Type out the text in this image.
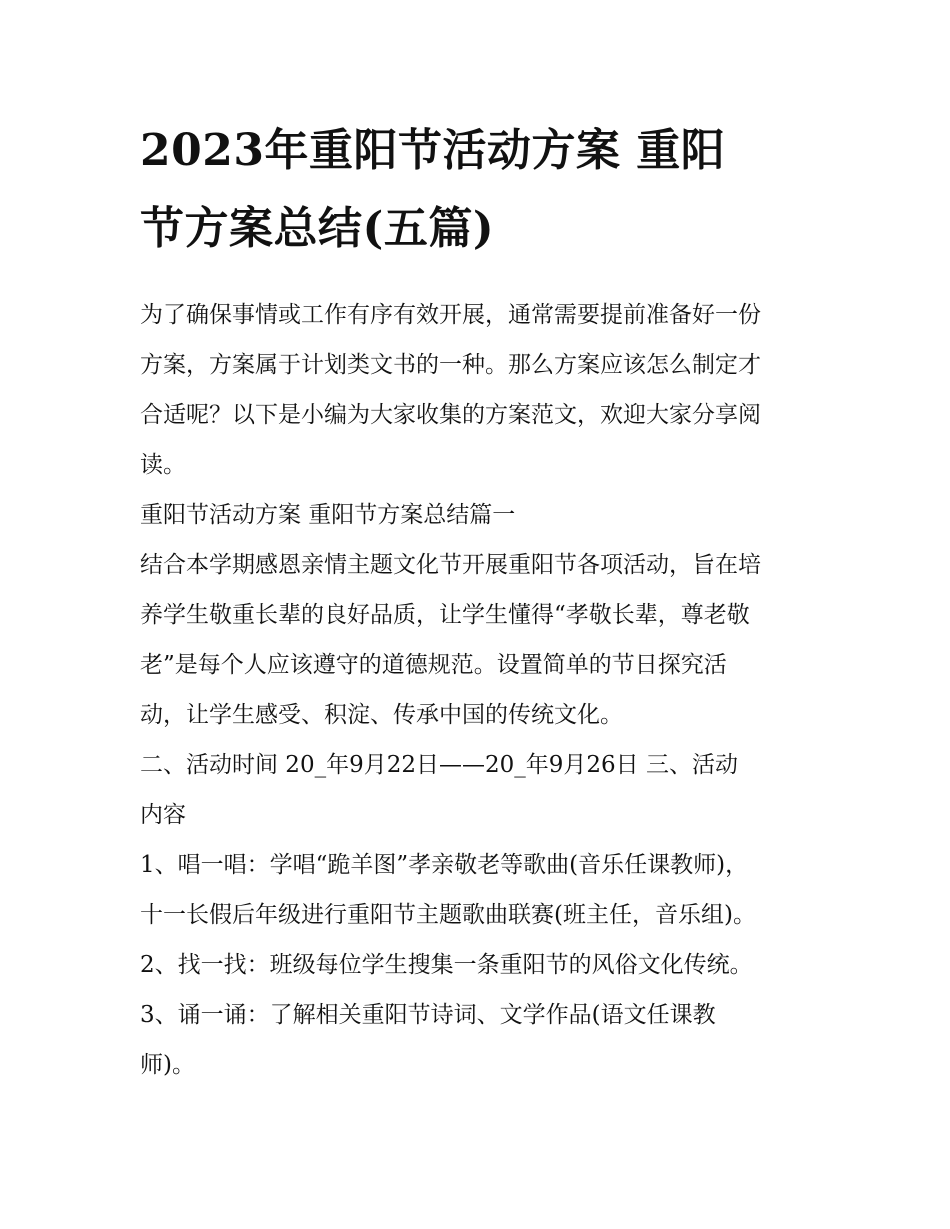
2023年重阳节活动方案 重阳
节方案总结(五篇)

为了确保事情或工作有序有效开展，通常需要提前准备好一份
方案，方案属于计划类文书的一种。那么方案应该怎么制定才
合适呢？以下是小编为大家收集的方案范文，欢迎大家分享阅
读。

重阳节活动方案 重阳节方案总结篇一

结合本学期感恩亲情主题文化节开展重阳节各项活动，旨在培
养学生敬重长辈的良好品质，让学生懂得“孝敬长辈，尊老敬
老”是每个人应该遵守的道德规范。设置简单的节日探究活
动，让学生感受、积淀、传承中国的传统文化。

二、活动时间 20_年9月22日——20_年9月26日 三、活动
内容

1、唱一唱：学唱“跪羊图”孝亲敬老等歌曲(音乐任课教师)，
十一长假后年级进行重阳节主题歌曲联赛(班主任，音乐组)。

2、找一找：班级每位学生搜集一条重阳节的风俗文化传统。

3、诵一诵：了解相关重阳节诗词、文学作品(语文任课教
师)。
